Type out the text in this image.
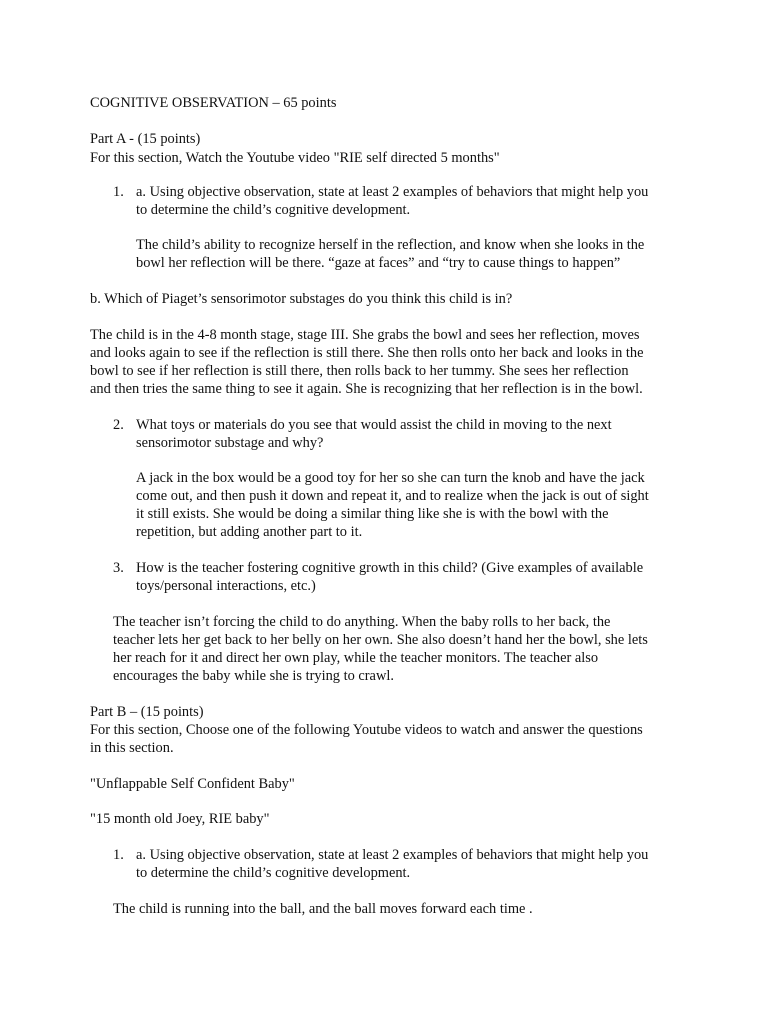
COGNITIVE OBSERVATION – 65 points
Part A - (15 points)
For this section, Watch the Youtube video "RIE self directed 5 months"
1. a. Using objective observation, state at least 2 examples of behaviors that might help you
to determine the child’s cognitive development.
The child’s ability to recognize herself in the reflection, and know when she looks in the
bowl her reflection will be there. “gaze at faces” and “try to cause things to happen”
b. Which of Piaget’s sensorimotor substages do you think this child is in?
The child is in the 4-8 month stage, stage III. She grabs the bowl and sees her reflection, moves
and looks again to see if the reflection is still there. She then rolls onto her back and looks in the
bowl to see if her reflection is still there, then rolls back to her tummy. She sees her reflection
and then tries the same thing to see it again. She is recognizing that her reflection is in the bowl.
2. What toys or materials do you see that would assist the child in moving to the next
sensorimotor substage and why?
A jack in the box would be a good toy for her so she can turn the knob and have the jack
come out, and then push it down and repeat it, and to realize when the jack is out of sight
it still exists. She would be doing a similar thing like she is with the bowl with the
repetition, but adding another part to it.
3. How is the teacher fostering cognitive growth in this child? (Give examples of available
toys/personal interactions, etc.)
The teacher isn’t forcing the child to do anything. When the baby rolls to her back, the
teacher lets her get back to her belly on her own. She also doesn’t hand her the bowl, she lets
her reach for it and direct her own play, while the teacher monitors. The teacher also
encourages the baby while she is trying to crawl.
Part B – (15 points)
For this section, Choose one of the following Youtube videos to watch and answer the questions
in this section.
"Unflappable Self Confident Baby"
"15 month old Joey, RIE baby"
1. a. Using objective observation, state at least 2 examples of behaviors that might help you
to determine the child’s cognitive development.
The child is running into the ball, and the ball moves forward each time .
